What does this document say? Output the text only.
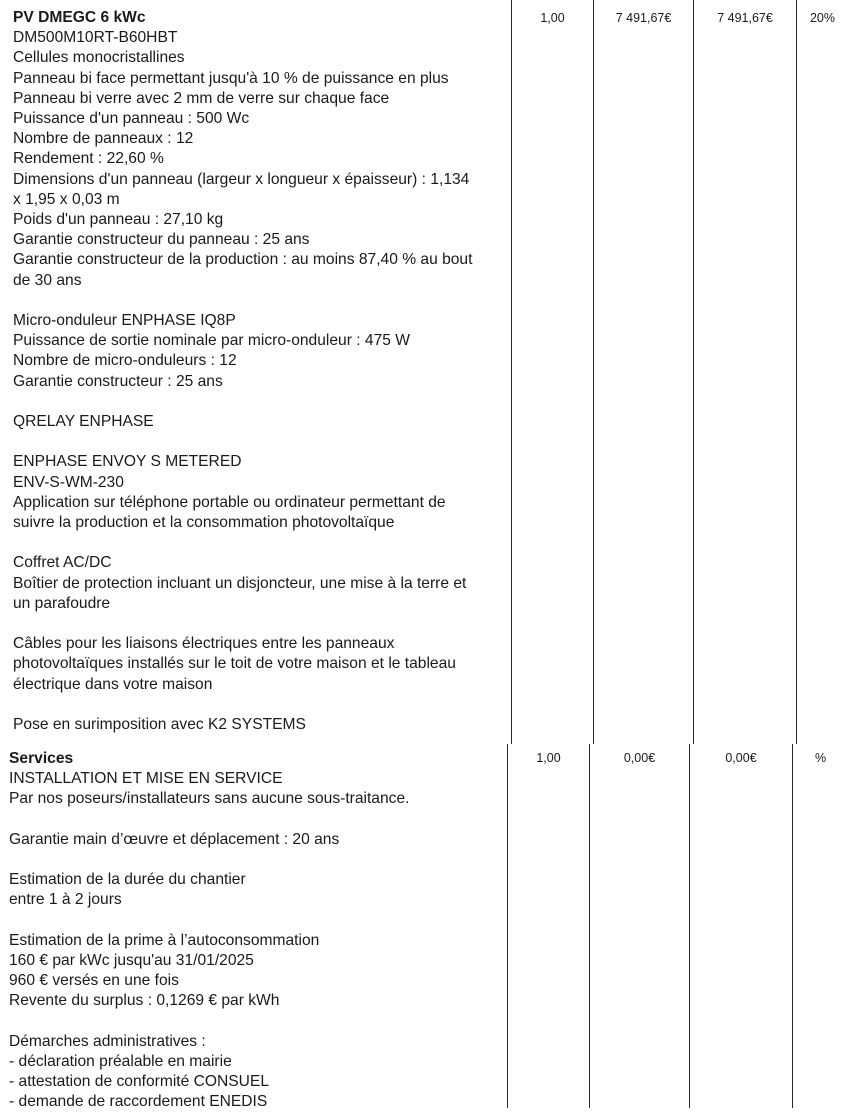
PV DMEGC 6 kWc
DM500M10RT-B60HBT
Cellules monocristallines
Panneau bi face permettant jusqu'à 10 % de puissance en plus
Panneau bi verre avec 2 mm de verre sur chaque face
Puissance d'un panneau : 500 Wc
Nombre de panneaux : 12
Rendement : 22,60 %
Dimensions d'un panneau (largeur x longueur x épaisseur) : 1,134
x 1,95 x 0,03 m
Poids d'un panneau : 27,10 kg
Garantie constructeur du panneau : 25 ans
Garantie constructeur de la production : au moins 87,40 % au bout
de 30 ans
Micro-onduleur ENPHASE IQ8P
Puissance de sortie nominale par micro-onduleur : 475 W
Nombre de micro-onduleurs : 12
Garantie constructeur : 25 ans
QRELAY ENPHASE
ENPHASE ENVOY S METERED
ENV-S-WM-230
Application sur téléphone portable ou ordinateur permettant de
suivre la production et la consommation photovoltaïque
Coffret AC/DC
Boîtier de protection incluant un disjoncteur, une mise à la terre et
un parafoudre
Câbles pour les liaisons électriques entre les panneaux
photovoltaïques installés sur le toit de votre maison et le tableau
électrique dans votre maison
Pose en surimposition avec K2 SYSTEMS
1,00	7 491,67€	7 491,67€	20%
Services
INSTALLATION ET MISE EN SERVICE
Par nos poseurs/installateurs sans aucune sous-traitance.
Garantie main d’œuvre et déplacement : 20 ans
Estimation de la durée du chantier
entre 1 à 2 jours
Estimation de la prime à l’autoconsommation
160 € par kWc jusqu'au 31/01/2025
960 € versés en une fois
Revente du surplus : 0,1269 € par kWh
Démarches administratives :
- déclaration préalable en mairie
- attestation de conformité CONSUEL
- demande de raccordement ENEDIS
1,00	0,00€	0,00€	%
